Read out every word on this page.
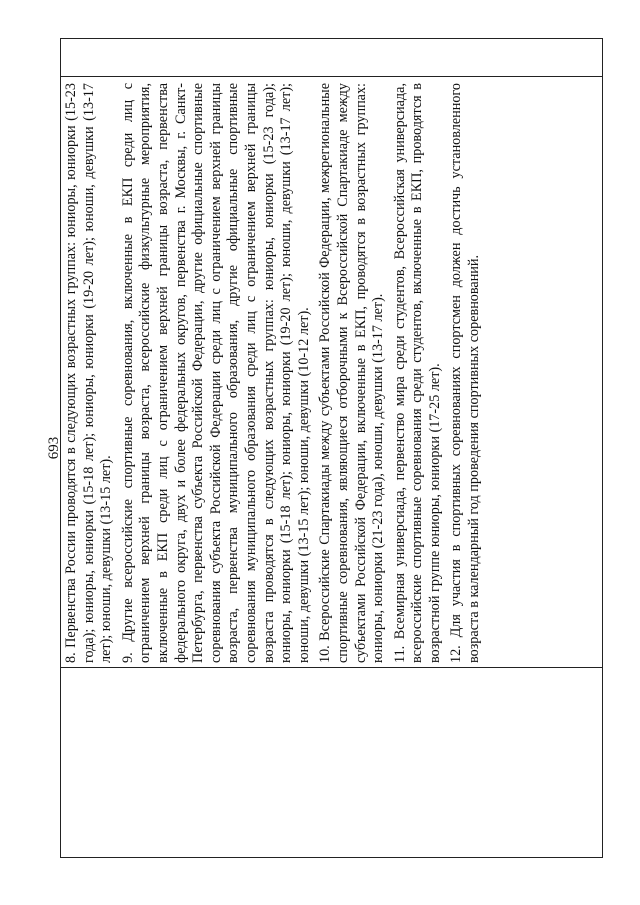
693 8. Первенства России проводятся в следующих возрастных группах: юниоры, юниорки (15-23 года); юниоры, юниорки (15-18 лет); юниоры, юниорки (19-20 лет); юноши, девушки (13-17 лет); юноши, девушки (13-15 лет). 9. Другие всероссийские спортивные соревнования, включенные в ЕКП среди лиц с ограничением верхней границы возраста, всероссийские физкультурные мероприятия, включенные в ЕКП среди лиц с ограничением верхней границы возраста, первенства федерального округа, двух и более федеральных округов, первенства г. Москвы, г. Санкт-Петербурга, первенства субъекта Российской Федерации, другие официальные спортивные соревнования субъекта Российской Федерации среди лиц с ограничением верхней границы возраста, первенства муниципального образования, другие официальные спортивные соревнования муниципального образования среди лиц с ограничением верхней границы возраста проводятся в следующих возрастных группах: юниоры, юниорки (15-23 года); юниоры, юниорки (15-18 лет); юниоры, юниорки (19-20 лет); юноши, девушки (13-17 лет); юноши, девушки (13-15 лет); юноши, девушки (10-12 лет). 10. Всероссийские Спартакиады между субъектами Российской Федерации, межрегиональные спортивные соревнования, являющиеся отборочными к Всероссийской Спартакиаде между субъектами Российской Федерации, включенные в ЕКП, проводятся в возрастных группах: юниоры, юниорки (21-23 года), юноши, девушки (13-17 лет). 11. Всемирная универсиада, первенство мира среди студентов, Всероссийская универсиада, всероссийские спортивные соревнования среди студентов, включенные в ЕКП, проводятся в возрастной группе юниоры, юниорки (17-25 лет). 12. Для участия в спортивных соревнованиях спортсмен должен достичь установленного возраста в календарный год проведения спортивных соревнований.
